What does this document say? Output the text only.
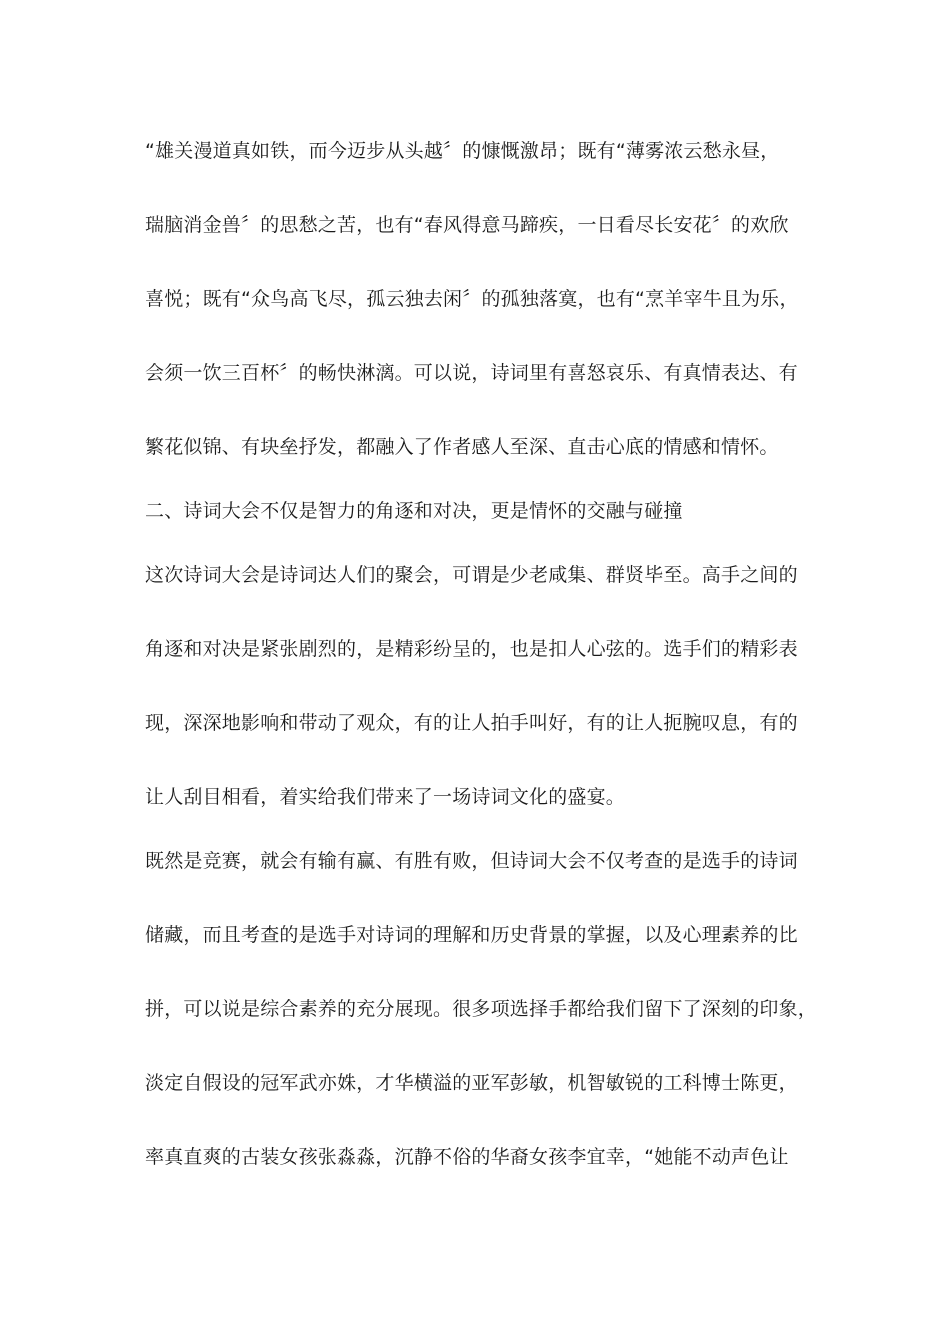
“雄关漫道真如铁，而今迈步从头越〞的慷慨激昂；既有“薄雾浓云愁永昼，
瑞脑消金兽〞的思愁之苦，也有“春风得意马蹄疾，一日看尽长安花〞的欢欣
喜悦；既有“众鸟高飞尽，孤云独去闲〞的孤独落寞，也有“烹羊宰牛且为乐，
会须一饮三百杯〞的畅快淋漓。可以说，诗词里有喜怒哀乐、有真情表达、有
繁花似锦、有块垒抒发，都融入了作者感人至深、直击心底的情感和情怀。
二、诗词大会不仅是智力的角逐和对决，更是情怀的交融与碰撞
这次诗词大会是诗词达人们的聚会，可谓是少老咸集、群贤毕至。高手之间的
角逐和对决是紧张剧烈的，是精彩纷呈的，也是扣人心弦的。选手们的精彩表
现，深深地影响和带动了观众，有的让人拍手叫好，有的让人扼腕叹息，有的
让人刮目相看，着实给我们带来了一场诗词文化的盛宴。
既然是竞赛，就会有输有赢、有胜有败，但诗词大会不仅考查的是选手的诗词
储藏，而且考查的是选手对诗词的理解和历史背景的掌握，以及心理素养的比
拼，可以说是综合素养的充分展现。很多项选择手都给我们留下了深刻的印象，
淡定自假设的冠军武亦姝，才华横溢的亚军彭敏，机智敏锐的工科博士陈更，
率真直爽的古装女孩张淼淼，沉静不俗的华裔女孩李宜幸，“她能不动声色让
